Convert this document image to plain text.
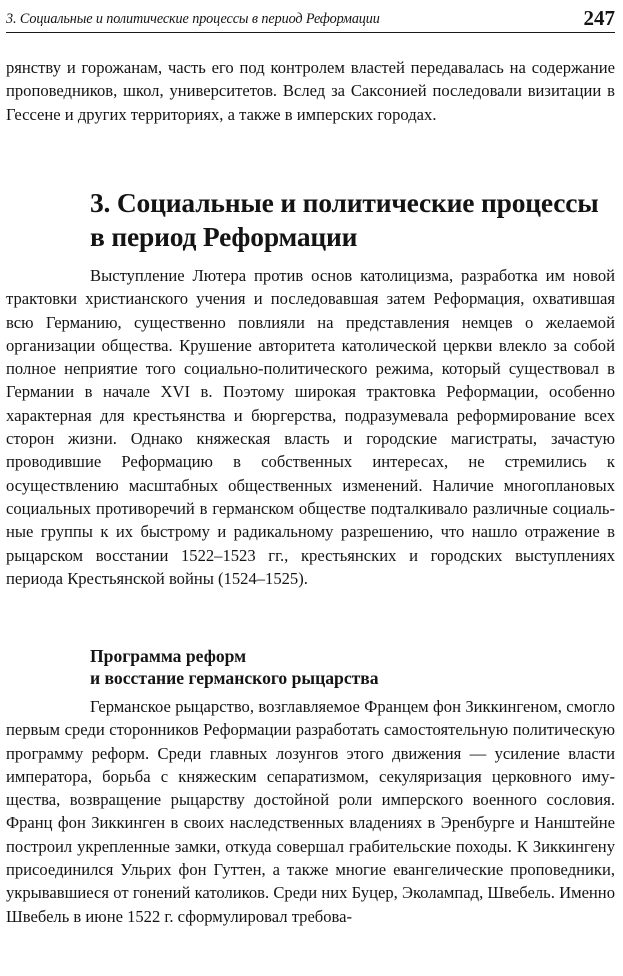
3. Социальные и политические процессы в период Реформации	247

рянству и горожанам, часть его под контролем властей передавалась на содержание проповедников, школ, университетов. Вслед за Саксонией последовали визитации в Гессене и других территориях, а также в имперских городах.

3. Социальные и политические процессы в период Реформации

Выступление Лютера против основ католицизма, разработка им новой трактовки христианского учения и последовавшая затем Реформация, охватившая всю Германию, существенно повлияли на представления немцев о желаемой организации общества. Крушение авторитета католической церкви влекло за собой полное неприятие того социально-политического режима, который существовал в Германии в начале XVI в. Поэтому широкая трактовка Реформации, особенно характерная для крестьянства и бюргерства, подразумевала реформирование всех сторон жизни. Однако княжеская власть и городские магистраты, зачастую проводившие Реформацию в собственных интересах, не стремились к осуществлению масштабных общественных изменений. Наличие многоплановых социальных противоречий в германском обществе подталкивало различные социальные группы к их быстрому и радикальному разрешению, что нашло отражение в рыцарском восстании 1522–1523 гг., крестьянских и городских выступлениях периода Крестьянской войны (1524–1525).

Программа реформ
и восстание германского рыцарства

Германское рыцарство, возглавляемое Францем фон Зиккингеном, смогло первым среди сторонников Реформации разработать самостоятельную политическую программу реформ. Среди главных лозунгов этого движения — усиление власти императора, борьба с княжеским сепаратизмом, секуляризация церковного имущества, возвращение рыцарству достойной роли имперского военного сословия. Франц фон Зиккинген в своих наследственных владениях в Эренбурге и Нанштейне построил укрепленные замки, откуда совершал грабительские походы. К Зиккингену присоединился Ульрих фон Гуттен, а также многие евангелические проповедники, укрывавшиеся от гонений католиков. Среди них Буцер, Эколампад, Швебель. Именно Швебель в июне 1522 г. сформулировал требова-
